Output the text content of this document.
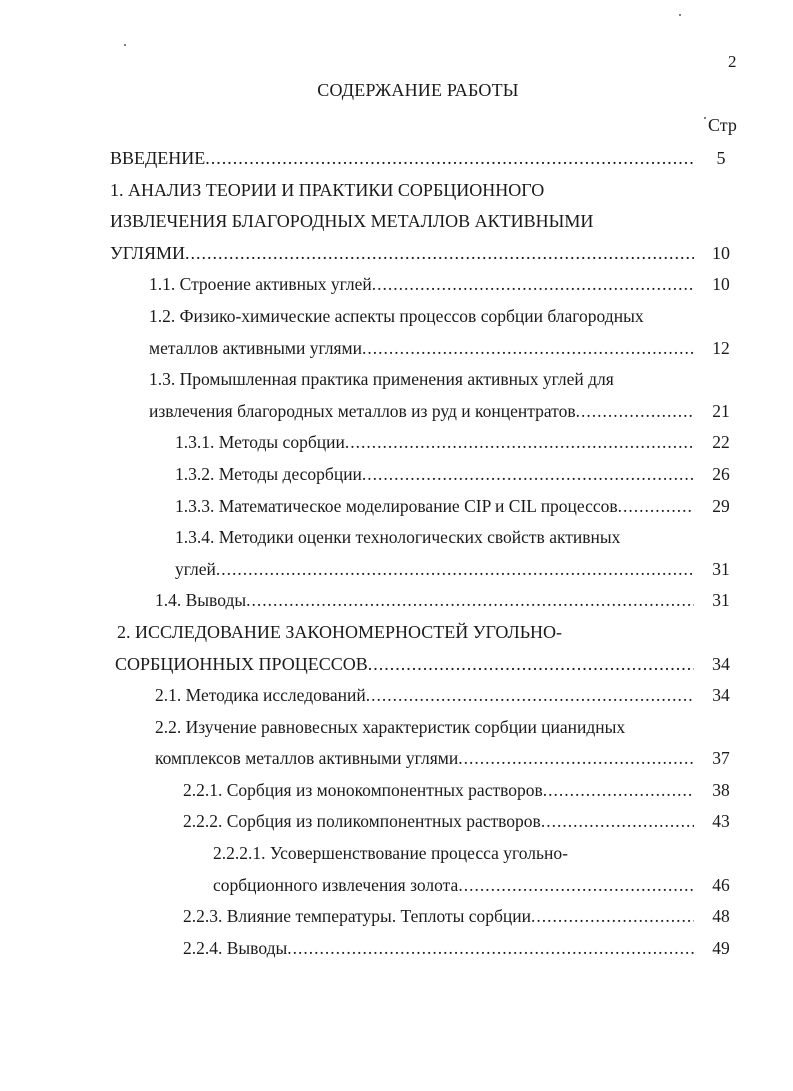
2
СОДЕРЖАНИЕ РАБОТЫ
Стр
ВВЕДЕНИЕ .....	5
1. АНАЛИЗ ТЕОРИИ И ПРАКТИКИ СОРБЦИОННОГО
ИЗВЛЕЧЕНИЯ БЛАГОРОДНЫХ МЕТАЛЛОВ АКТИВНЫМИ
УГЛЯМИ .....	10
1.1. Строение активных углей .....	10
1.2. Физико-химические аспекты процессов сорбции благородных
металлов активными углями .....	12
1.3. Промышленная практика применения активных углей для
извлечения благородных металлов из руд и концентратов .....	21
1.3.1. Методы сорбции .....	22
1.3.2. Методы десорбции .....	26
1.3.3. Математическое моделирование CIP и CIL процессов .....	29
1.3.4. Методики оценки технологических свойств активных
углей .....	31
1.4. Выводы .....	31
2. ИССЛЕДОВАНИЕ ЗАКОНОМЕРНОСТЕЙ УГОЛЬНО-
СОРБЦИОННЫХ ПРОЦЕССОВ .....	34
2.1. Методика исследований .....	34
2.2. Изучение равновесных характеристик сорбции цианидных
комплексов металлов активными углями .....	37
2.2.1. Сорбция из монокомпонентных растворов .....	38
2.2.2. Сорбция из поликомпонентных растворов .....	43
2.2.2.1. Усовершенствование процесса угольно-
сорбционного извлечения золота .....	46
2.2.3. Влияние температуры. Теплоты сорбции .....	48
2.2.4. Выводы .....	49
